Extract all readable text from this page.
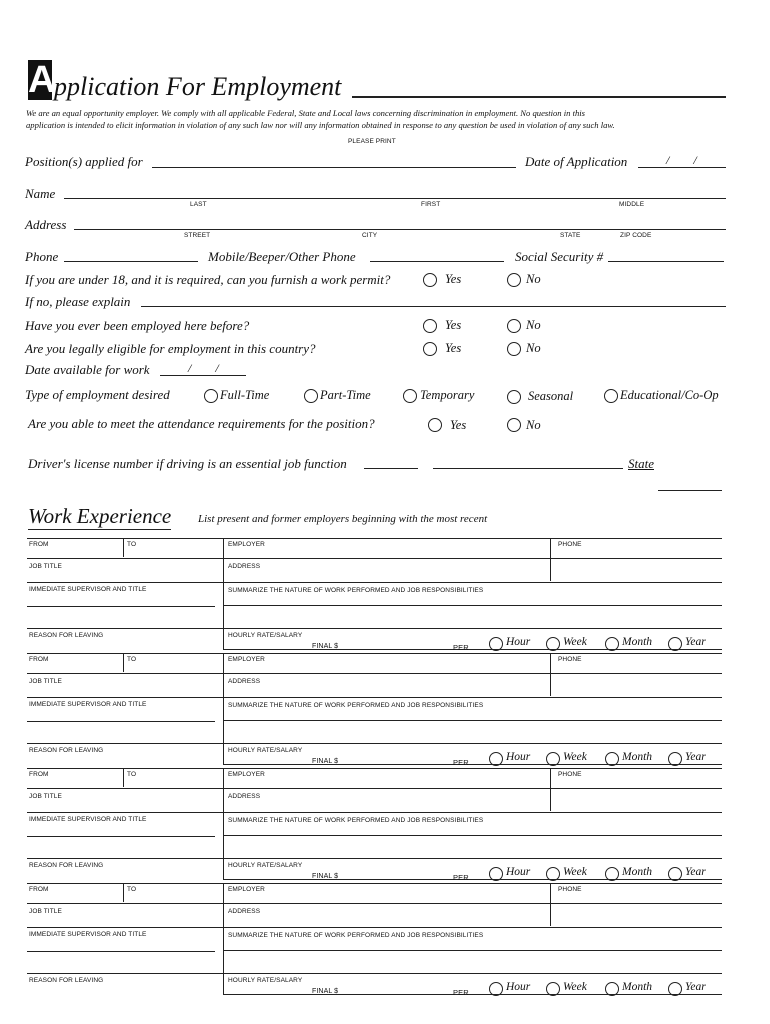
A
pplication For Employment
We are an equal opportunity employer. We comply with all applicable Federal, State and Local laws concerning discrimination in employment. No question in this
application is intended to elicit information in violation of any such law nor will any information obtained in response to any question be used in violation of any such law.
PLEASE PRINT
Position(s) applied for	Date of Application	/        /
Name
LAST	FIRST	MIDDLE
Address
STREET	CITY	STATE	ZIP CODE
Phone	Mobile/Beeper/Other Phone	Social Security #
If you are under 18, and it is required, can you furnish a work permit?	Yes	No
If no, please explain
Have you ever been employed here before?	Yes	No
Are you legally eligible for employment in this country?	Yes	No
Date available for work	/        /
Type of employment desired	Full-Time	Part-Time	Temporary	Seasonal	Educational/Co-Op
Are you able to meet the attendance requirements for the position?	Yes	No
Driver's license number if driving is an essential job function	State
Work Experience List present and former employers beginning with the most recent
FROM	TO	EMPLOYER	PHONE
JOB TITLE	ADDRESS
IMMEDIATE SUPERVISOR AND TITLE	SUMMARIZE THE NATURE OF WORK PERFORMED AND JOB RESPONSIBILITIES
REASON FOR LEAVING	HOURLY RATE/SALARY
FINAL $	PER	Hour	Week	Month	Year
FROM	TO	EMPLOYER	PHONE
JOB TITLE	ADDRESS
IMMEDIATE SUPERVISOR AND TITLE	SUMMARIZE THE NATURE OF WORK PERFORMED AND JOB RESPONSIBILITIES
REASON FOR LEAVING	HOURLY RATE/SALARY
FINAL $	PER	Hour	Week	Month	Year
FROM	TO	EMPLOYER	PHONE
JOB TITLE	ADDRESS
IMMEDIATE SUPERVISOR AND TITLE	SUMMARIZE THE NATURE OF WORK PERFORMED AND JOB RESPONSIBILITIES
REASON FOR LEAVING	HOURLY RATE/SALARY
FINAL $	PER	Hour	Week	Month	Year
FROM	TO	EMPLOYER	PHONE
JOB TITLE	ADDRESS
IMMEDIATE SUPERVISOR AND TITLE	SUMMARIZE THE NATURE OF WORK PERFORMED AND JOB RESPONSIBILITIES
REASON FOR LEAVING	HOURLY RATE/SALARY
FINAL $	PER	Hour	Week	Month	Year
